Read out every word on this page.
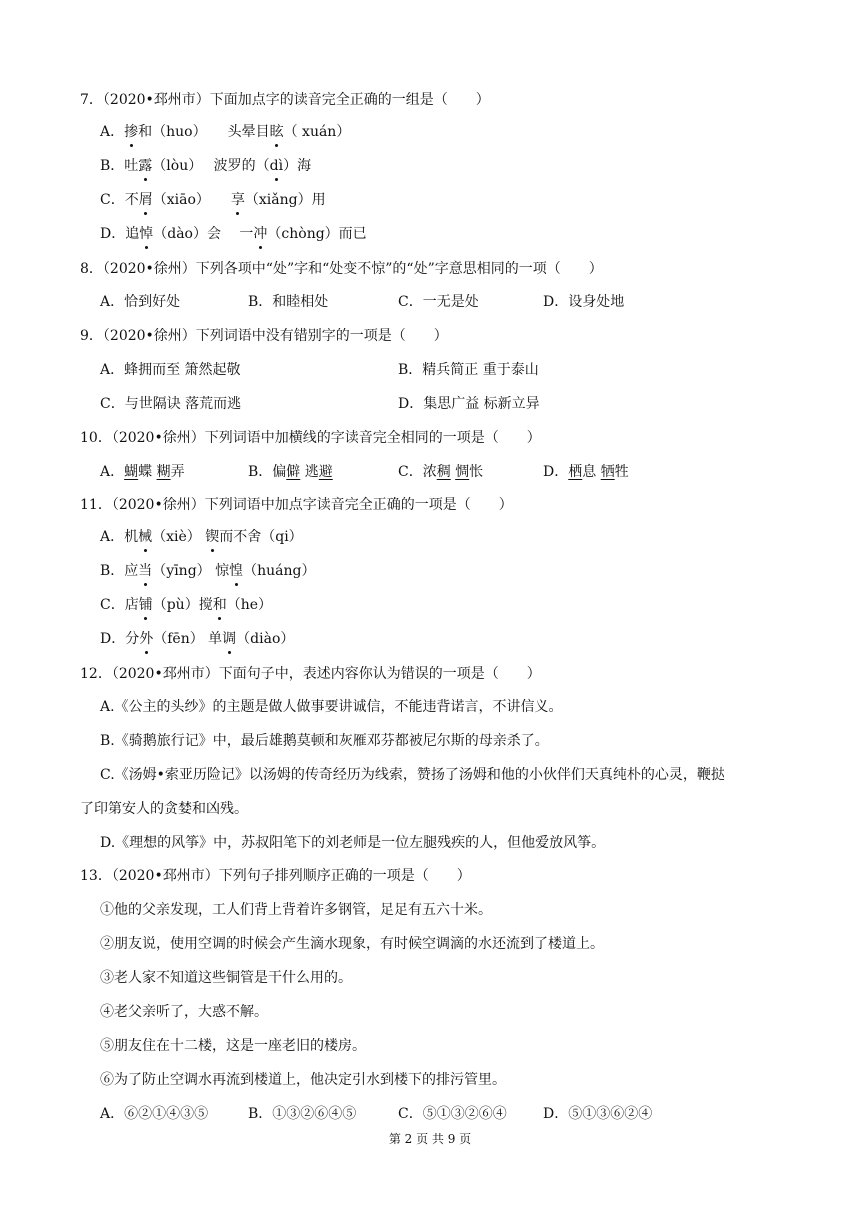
7．（2020•邳州市）下面加点字的读音完全正确的一组是（　　）
A．掺和（huo）　　头晕目眩（ xuán）
B．吐露（lòu）　 波罗的（dì）海
C．不屑（xiāo）　　享（xiǎng）用
D．追悼（dào）会　 一冲（chòng）而已
8．（2020•徐州）下列各项中“处”字和“处变不惊”的“处”字意思相同的一项（　　）
A．恰到好处	B．和睦相处	C．一无是处	D．设身处地
9．（2020•徐州）下列词语中没有错别字的一项是（　　）
A．蜂拥而至 箫然起敬	B．精兵简正 重于泰山
C．与世隔诀 落荒而逃	D．集思广益 标新立异
10．（2020•徐州）下列词语中加横线的字读音完全相同的一项是（　　）
A．蝴蝶 糊弄	B．偏僻 逃避	C．浓稠 惆怅	D．栖息 牺牲
11．（2020•徐州）下列词语中加点字读音完全正确的一项是（　　）
A．机械（xiè） 锲而不舍（qi）
B．应当（yīng） 惊惶（huáng）
C．店铺（pù）搅和（he）
D．分外（fēn） 单调（diào）
12．（2020•邳州市）下面句子中，表述内容你认为错误的一项是（　　）
A.《公主的头纱》的主题是做人做事要讲诚信，不能违背诺言，不讲信义。
B.《骑鹅旅行记》中，最后雄鹅莫顿和灰雁邓芬都被尼尔斯的母亲杀了。
C.《汤姆•索亚历险记》以汤姆的传奇经历为线索，赞扬了汤姆和他的小伙伴们天真纯朴的心灵，鞭挞
了印第安人的贪婪和凶残。
D.《理想的风筝》中，苏叔阳笔下的刘老师是一位左腿残疾的人，但他爱放风筝。
13．（2020•邳州市）下列句子排列顺序正确的一项是（　　）
①他的父亲发现，工人们背上背着许多钢管，足足有五六十米。
②朋友说，使用空调的时候会产生滴水现象，有时候空调滴的水还流到了楼道上。
③老人家不知道这些铜管是干什么用的。
④老父亲听了，大惑不解。
⑤朋友住在十二楼，这是一座老旧的楼房。
⑥为了防止空调水再流到楼道上，他决定引水到楼下的排污管里。
A．⑥②①④③⑤	B．①③②⑥④⑤	C．⑤①③②⑥④	D．⑤①③⑥②④
第 2 页 共 9 页
